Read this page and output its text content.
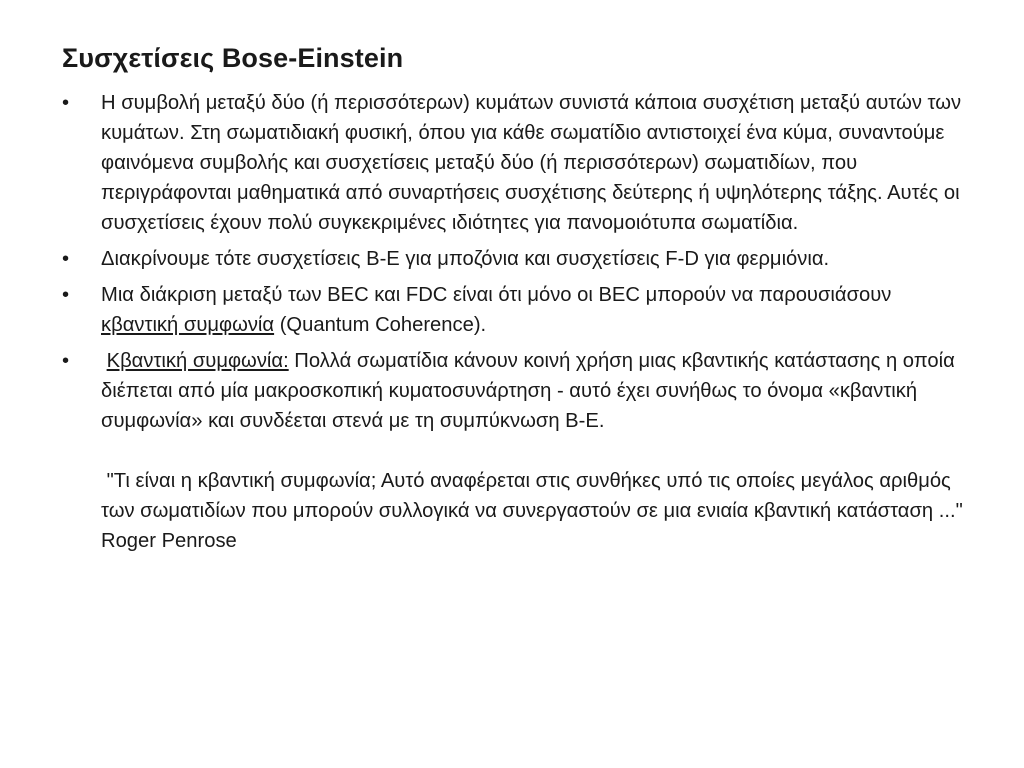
Συσχετίσεις Bose-Einstein
•	Η συμβολή μεταξύ δύο (ή περισσότερων) κυμάτων συνιστά κάποια συσχέτιση μεταξύ αυτών των κυμάτων. Στη σωματιδιακή φυσική, όπου για κάθε σωματίδιο αντιστοιχεί ένα κύμα, συναντούμε φαινόμενα συμβολής και συσχετίσεις μεταξύ δύο (ή περισσότερων) σωματιδίων, που περιγράφονται μαθηματικά από συναρτήσεις συσχέτισης δεύτερης ή υψηλότερης τάξης. Αυτές οι συσχετίσεις έχουν πολύ συγκεκριμένες ιδιότητες για πανομοιότυπα σωματίδια.
•	Διακρίνουμε τότε συσχετίσεις B-E για μποζόνια και συσχετίσεις F-D για φερμιόνια.
•	Μια διάκριση μεταξύ των BEC και FDC είναι ότι μόνο οι BEC μπορούν να παρουσιάσουν κβαντική συμφωνία (Quantum Coherence).
•	Κβαντική συμφωνία: Πολλά σωματίδια κάνουν κοινή χρήση μιας κβαντικής κατάστασης η οποία διέπεται από μία μακροσκοπική κυματοσυνάρτηση - αυτό έχει συνήθως το όνομα «κβαντική συμφωνία» και συνδέεται στενά με τη συμπύκνωση B-E.
"Τι είναι η κβαντική συμφωνία; Αυτό αναφέρεται στις συνθήκες υπό τις οποίες μεγάλος αριθμός των σωματιδίων που μπορούν συλλογικά να συνεργαστούν σε μια ενιαία κβαντική κατάσταση ..."
Roger Penrose
